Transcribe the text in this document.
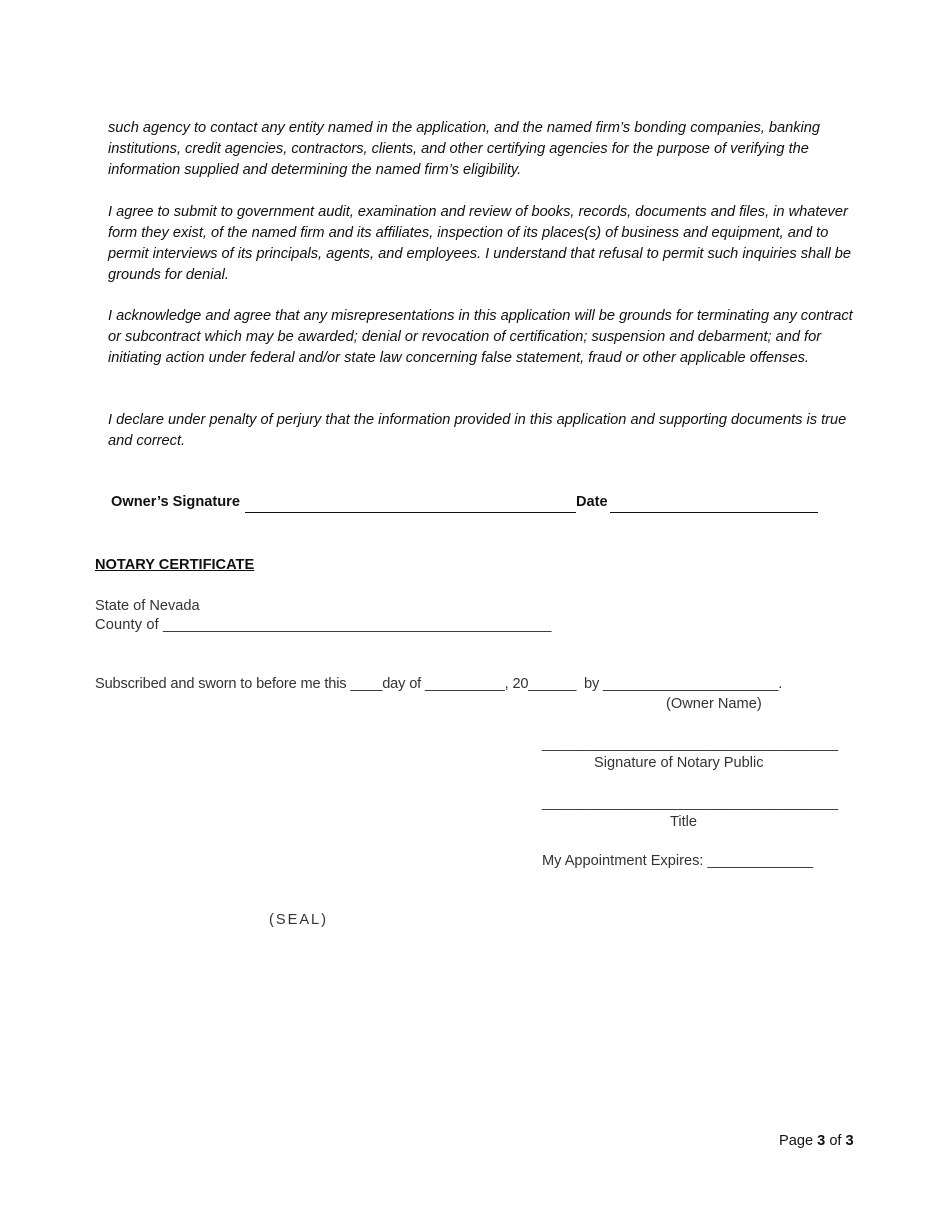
such agency to contact any entity named in the application, and the named firm’s bonding companies, banking institutions, credit agencies, contractors, clients, and other certifying agencies for the purpose of verifying the information supplied and determining the named firm’s eligibility.

I agree to submit to government audit, examination and review of books, records, documents and files, in whatever form they exist, of the named firm and its affiliates, inspection of its places(s) of business and equipment, and to permit interviews of its principals, agents, and employees. I understand that refusal to permit such inquiries shall be grounds for denial.

I acknowledge and agree that any misrepresentations in this application will be grounds for terminating any contract or subcontract which may be awarded; denial or revocation of certification; suspension and debarment; and for initiating action under federal and/or state law concerning false statement, fraud or other applicable offenses.

I declare under penalty of perjury that the information provided in this application and supporting documents is true and correct.

Owner’s Signature	Date

NOTARY CERTIFICATE

State of Nevada

County of _______________________________________________

Subscribed and sworn to before me this ____day of __________, 20______  by ______________________.

(Owner Name)

___________________________________

Signature of Notary Public

___________________________________

Title

My Appointment Expires: _____________

(SEAL)

Page 3 of 3
